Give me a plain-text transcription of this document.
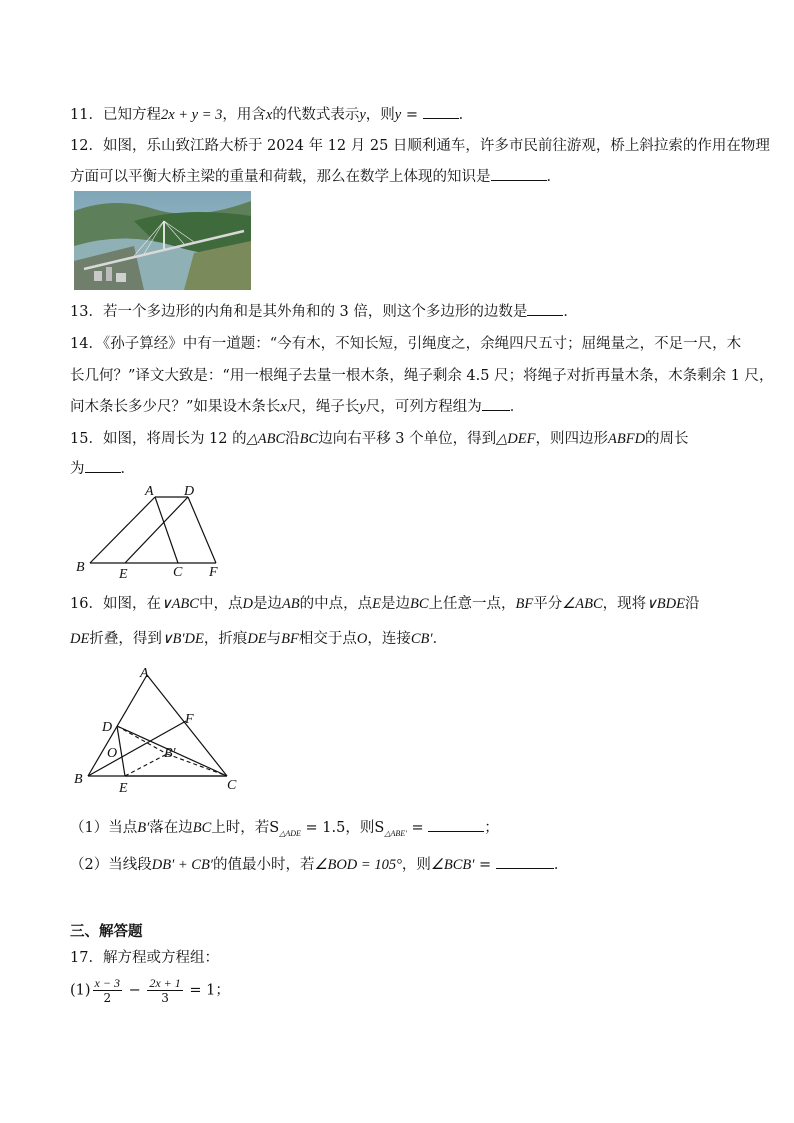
11．已知方程2x + y = 3，用含x的代数式表示y，则y = ．
12．如图，乐山致江路大桥于 2024 年 12 月 25 日顺利通车，许多市民前往游观，桥上斜拉索的作用在物理
方面可以平衡大桥主梁的重量和荷载，那么在数学上体现的知识是	．
13．若一个多边形的内角和是其外角和的 3 倍，则这个多边形的边数是 ．
14．《孙子算经》中有一道题：“今有木，不知长短，引绳度之，余绳四尺五寸；屈绳量之，不足一尺，木
长几何？”译文大致是：“用一根绳子去量一根木条，绳子剩余 4.5 尺；将绳子对折再量木条，木条剩余 1 尺，
问木条长多少尺？”如果设木条长x尺，绳子长y尺，可列方程组为 ．
15．如图，将周长为 12 的△ABC沿BC边向右平移 3 个单位，得到△DEF，则四边形ABFD的周长
为 ．
A D
B E	C F
16．如图，在∨ABC中，点D是边AB的中点，点E是边BC上任意一点，BF平分∠ABC，现将∨BDE沿
DE折叠，得到∨B′DE，折痕DE与BF相交于点O，连接CB′．
A
D
F
O	B′
B
E	C
（1）当点B′落在边BC上时，若$S_{\triangle ADE} = 1.5$，则$S_{\triangle ABE'}$ =	；
（2）当线段DB′ + CB′的值最小时，若∠BOD = 105°，则∠BCB′ =	．
三、解答题
17．解方程或方程组：
$(1) \frac{x - 3}{2} - \frac{2x + 1}{3} = 1$；
